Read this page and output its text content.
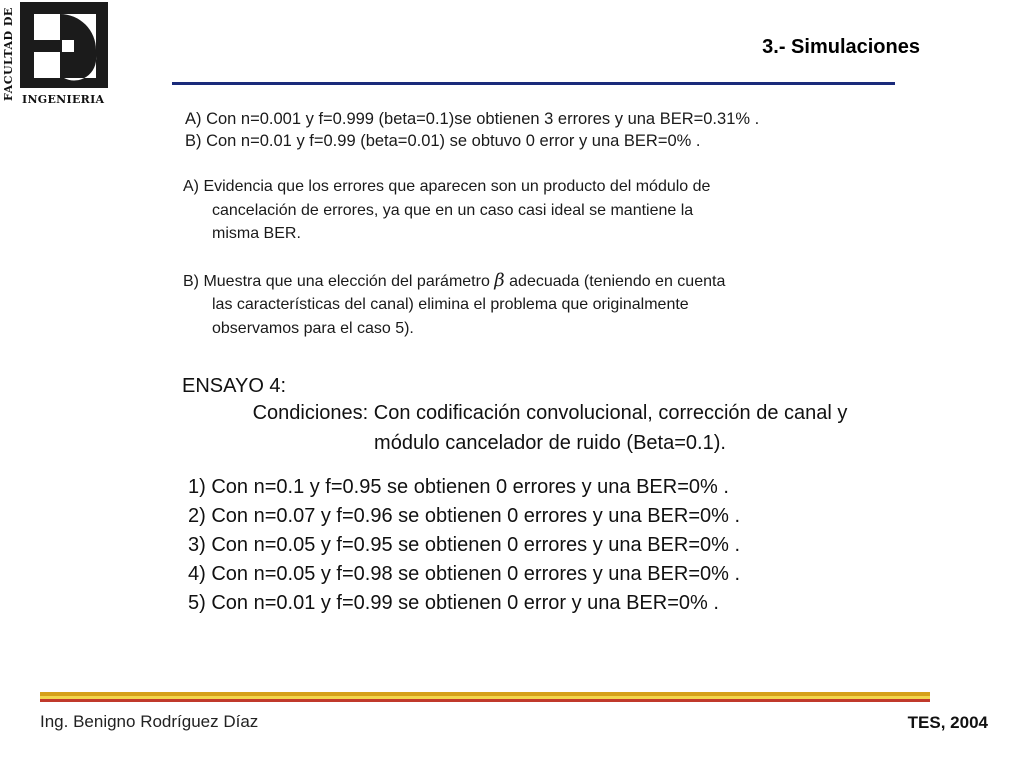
FACULTAD DE INGENIERIA
3.- Simulaciones
A) Con n=0.001 y f=0.999 (beta=0.1)se obtienen 3 errores y una BER=0.31% .
B) Con n=0.01 y f=0.99 (beta=0.01) se obtuvo 0 error y una BER=0% .
A) Evidencia que los errores que aparecen son un producto del módulo de
cancelación de errores, ya que en un caso casi ideal se mantiene la
misma BER.
B) Muestra que una elección del parámetro β adecuada (teniendo en cuenta
las características del canal) elimina el problema que originalmente
observamos para el caso 5).
ENSAYO 4:
Condiciones: Con codificación convolucional, corrección de canal y
módulo cancelador de ruido (Beta=0.1).
1) Con n=0.1 y f=0.95 se obtienen 0 errores y una BER=0% .
2) Con n=0.07 y f=0.96 se obtienen 0 errores y una BER=0% .
3) Con n=0.05 y f=0.95 se obtienen 0 errores y una BER=0% .
4) Con n=0.05 y f=0.98 se obtienen 0 errores y una BER=0% .
5) Con n=0.01 y f=0.99 se obtienen 0 error y una BER=0% .
Ing. Benigno Rodríguez Díaz	TES, 2004
